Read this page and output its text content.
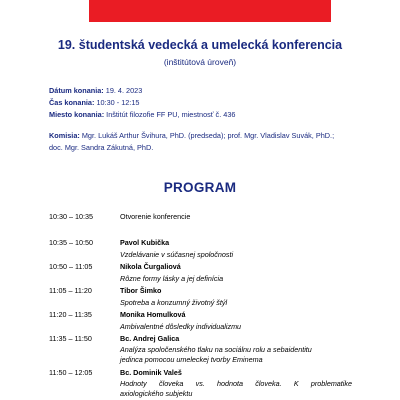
19. študentská vedecká a umelecká konferencia
(inštitútová úroveň)
Dátum konania: 19. 4. 2023
Čas konania: 10:30 - 12:15
Miesto konania: Inštitút filozofie FF PU, miestnosť č. 436
Komisia: Mgr. Lukáš Arthur Švihura, PhD. (predseda); prof. Mgr. Vladislav Suvák, PhD.;
doc. Mgr. Sandra Zákutná, PhD.
PROGRAM
10:30 – 10:35	Otvorenie konferencie
10:35 – 10:50	Pavol Kubička
Vzdelávanie v súčasnej spoločnosti
10:50 – 11:05	Nikola Čurgaliová
Rôzne formy lásky a jej definícia
11:05 – 11:20	Tibor Šimko
Spotreba a konzumný životný štýl
11:20 – 11:35	Monika Homulková
Ambivalentné dôsledky individualizmu
11:35 – 11:50	Bc. Andrej Galica
Analýza spoločenského tlaku na sociálnu rolu a sebaidentitu
jedinca pomocou umeleckej tvorby Eminema
11:50 – 12:05	Bc. Dominik Valeš
Hodnoty človeka vs. hodnota človeka. K problematike
axiologického subjektu
